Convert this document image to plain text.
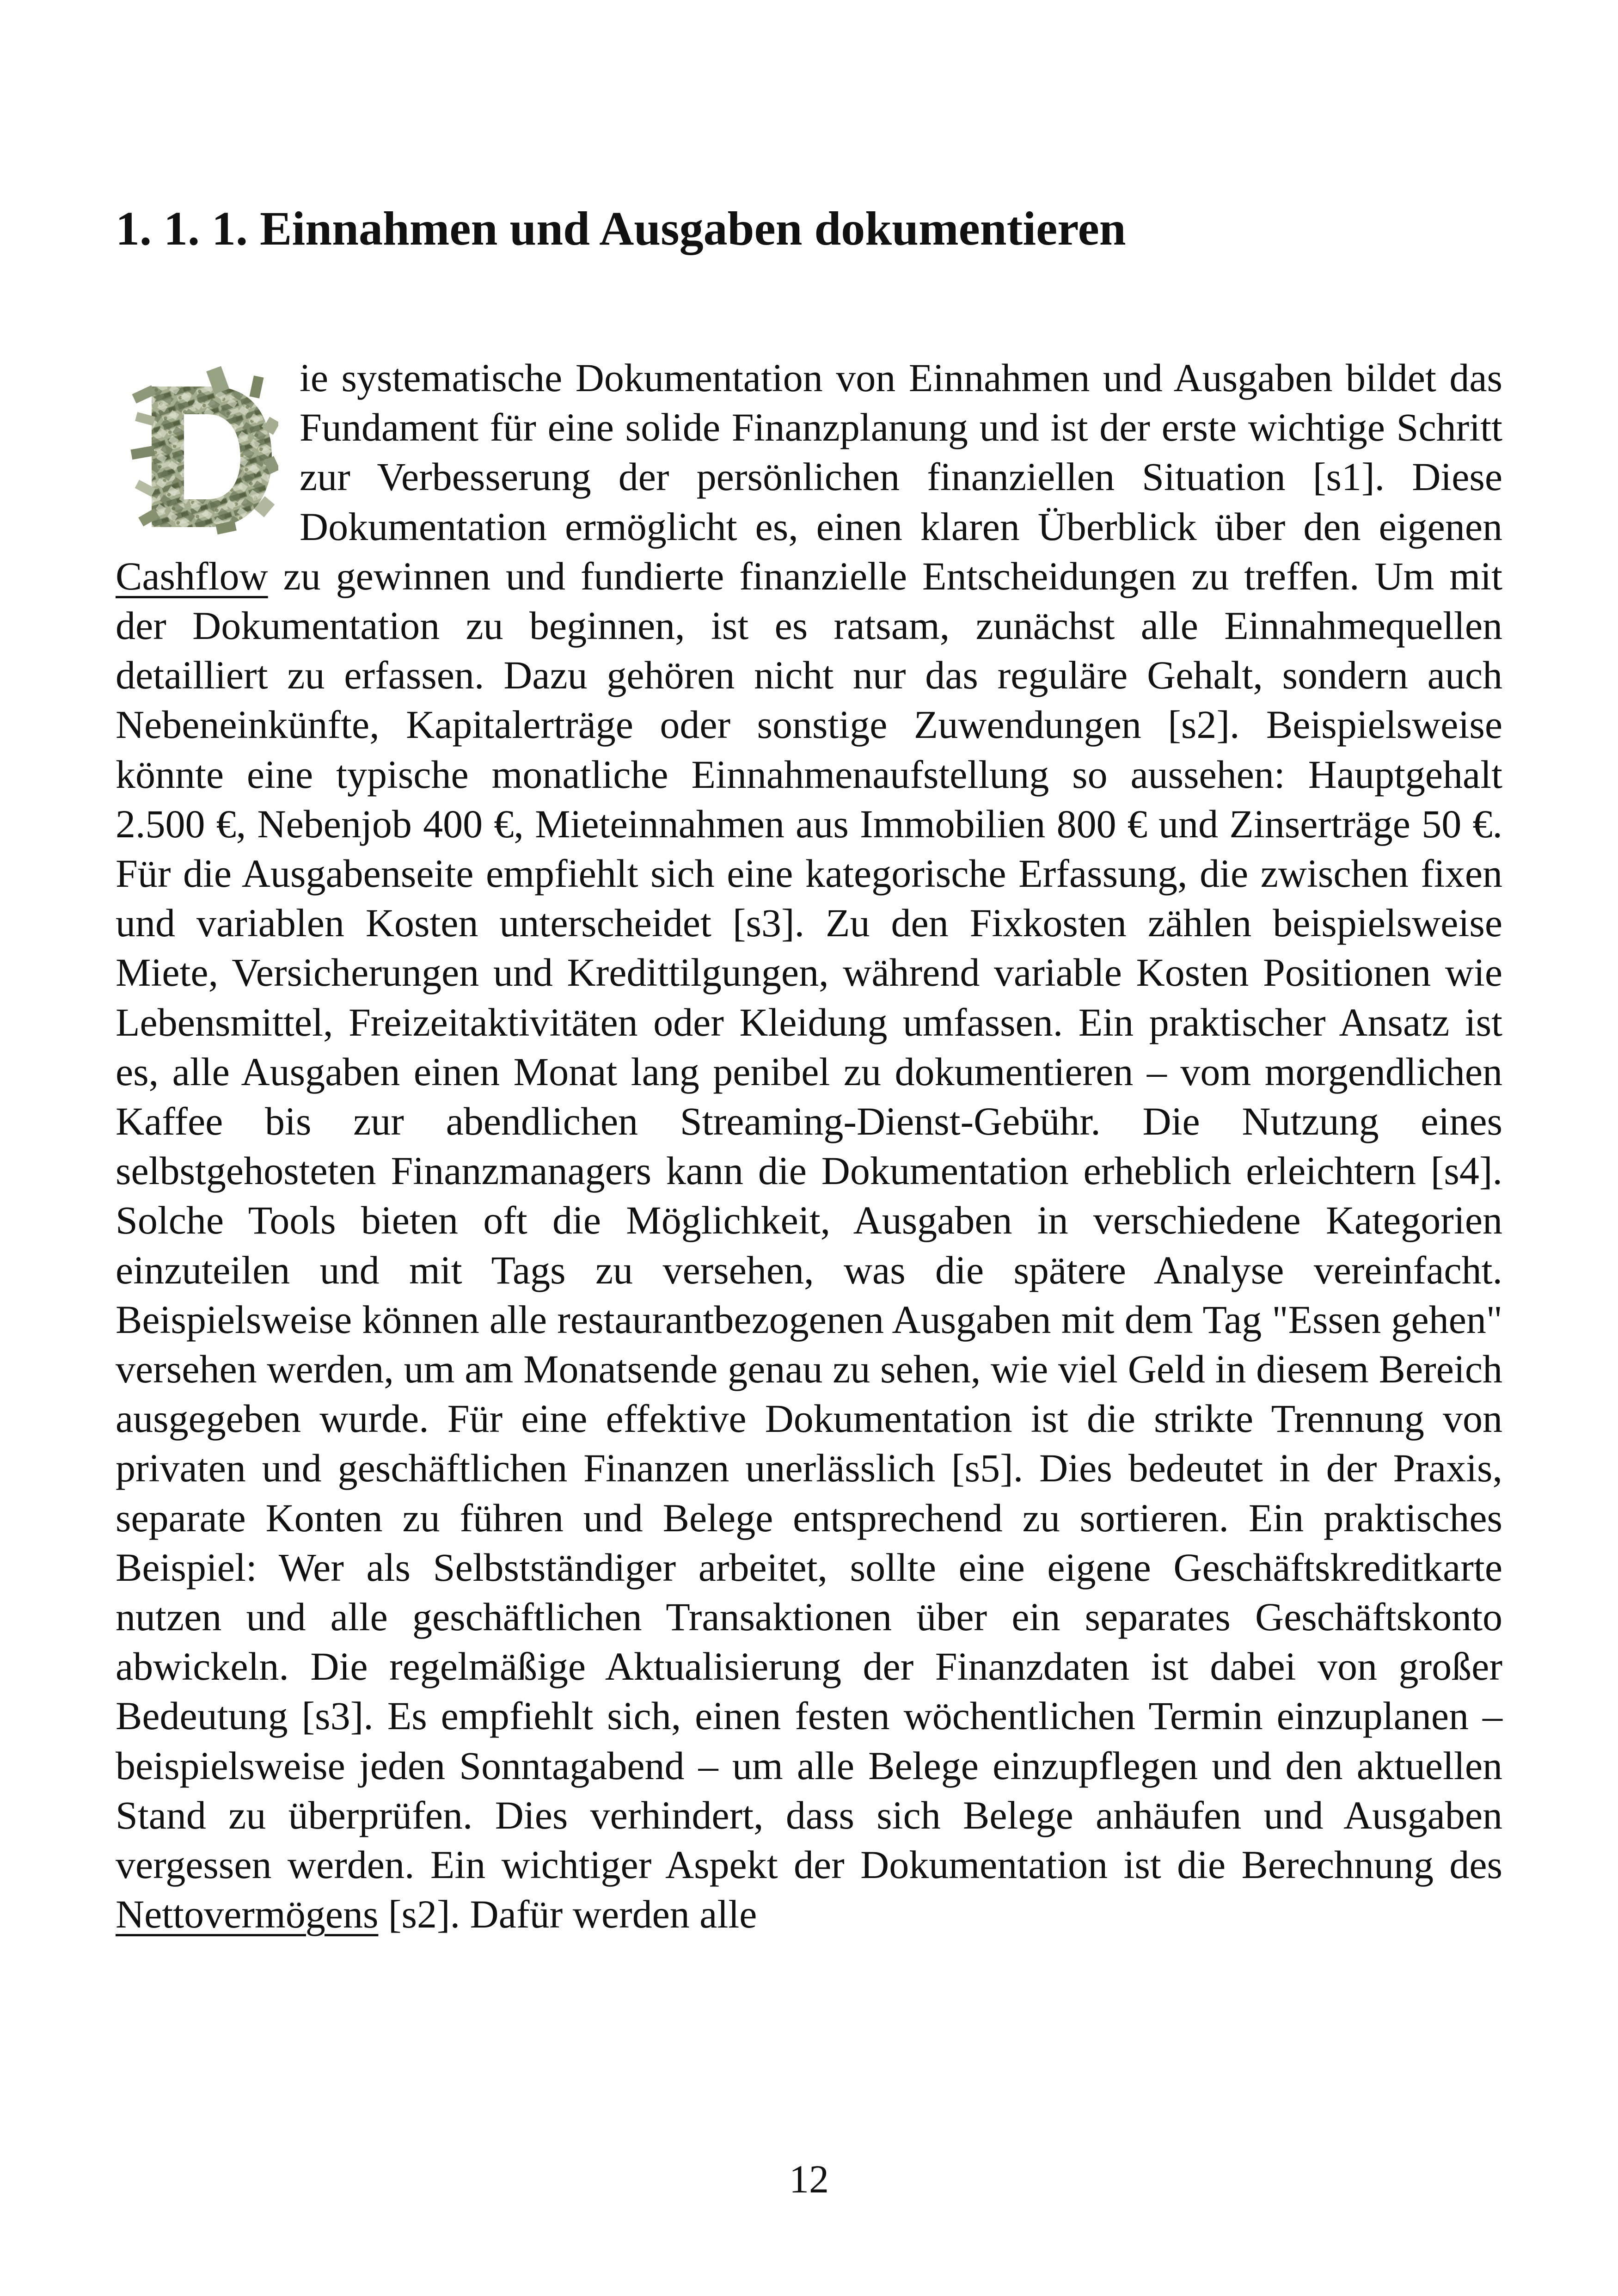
1. 1. 1. Einnahmen und Ausgaben dokumentieren
ie systematische Dokumentation von Einnahmen und Ausgaben bildet das Fundament für eine solide Finanzplanung und ist der erste wichtige Schritt zur Verbesserung der persönlichen finanziellen Situation [s1]. Diese Dokumentation ermöglicht es, einen klaren Überblick über den eigenen Cashflow zu gewinnen und fundierte finanzielle Entscheidungen zu treffen. Um mit der Dokumentation zu beginnen, ist es ratsam, zunächst alle Einnahmequellen detailliert zu erfassen. Dazu gehören nicht nur das reguläre Gehalt, sondern auch Nebeneinkünfte, Kapitalerträge oder sonstige Zuwendungen [s2]. Beispielsweise könnte eine typische monatliche Einnahmenaufstellung so aussehen: Hauptgehalt 2.500 €, Nebenjob 400 €, Mieteinnahmen aus Immobilien 800 € und Zinserträge 50 €. Für die Ausgabenseite empfiehlt sich eine kategorische Erfassung, die zwischen fixen und variablen Kosten unterscheidet [s3]. Zu den Fixkosten zählen beispielsweise Miete, Versicherungen und Kredittilgungen, während variable Kosten Positionen wie Lebensmittel, Freizeitaktivitäten oder Kleidung umfassen. Ein praktischer Ansatz ist es, alle Ausgaben einen Monat lang penibel zu dokumentieren – vom morgendlichen Kaffee bis zur abendlichen Streaming-Dienst-Gebühr. Die Nutzung eines selbstgehosteten Finanzmanagers kann die Dokumentation erheblich erleichtern [s4]. Solche Tools bieten oft die Möglichkeit, Ausgaben in verschiedene Kategorien einzuteilen und mit Tags zu versehen, was die spätere Analyse vereinfacht. Beispielsweise können alle restaurantbezogenen Ausgaben mit dem Tag "Essen gehen" versehen werden, um am Monatsende genau zu sehen, wie viel Geld in diesem Bereich ausgegeben wurde. Für eine effektive Dokumentation ist die strikte Trennung von privaten und geschäftlichen Finanzen unerlässlich [s5]. Dies bedeutet in der Praxis, separate Konten zu führen und Belege entsprechend zu sortieren. Ein praktisches Beispiel: Wer als Selbstständiger arbeitet, sollte eine eigene Geschäftskreditkarte nutzen und alle geschäftlichen Transaktionen über ein separates Geschäftskonto abwickeln. Die regelmäßige Aktualisierung der Finanzdaten ist dabei von großer Bedeutung [s3]. Es empfiehlt sich, einen festen wöchentlichen Termin einzuplanen – beispielsweise jeden Sonntagabend – um alle Belege einzupflegen und den aktuellen Stand zu überprüfen. Dies verhindert, dass sich Belege anhäufen und Ausgaben vergessen werden. Ein wichtiger Aspekt der Dokumentation ist die Berechnung des Nettovermögens [s2]. Dafür werden alle
12
